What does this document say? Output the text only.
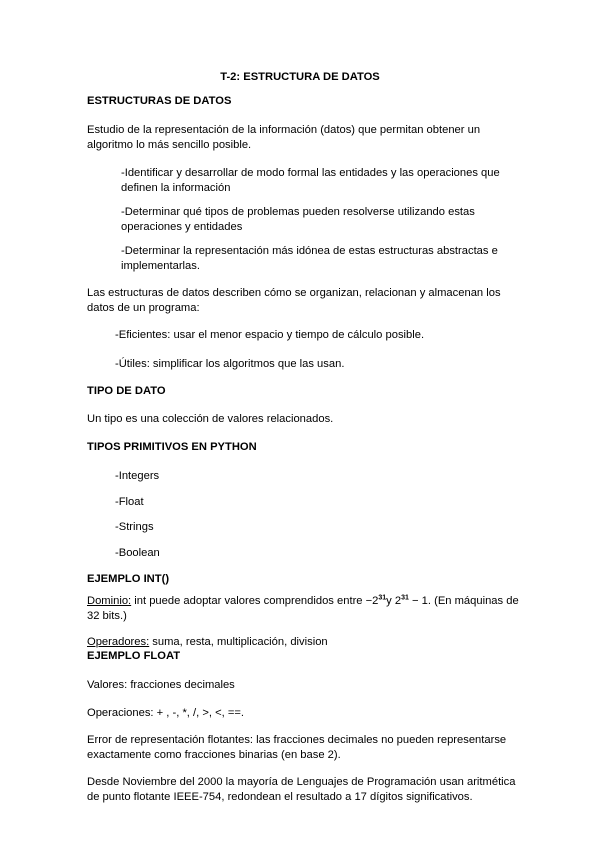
T-2: ESTRUCTURA DE DATOS

ESTRUCTURAS DE DATOS

Estudio de la representación de la información (datos) que permitan obtener un algoritmo lo más sencillo posible.

-Identificar y desarrollar de modo formal las entidades y las operaciones que definen la información

-Determinar qué tipos de problemas pueden resolverse utilizando estas operaciones y entidades

-Determinar la representación más idónea de estas estructuras abstractas e implementarlas.

Las estructuras de datos describen cómo se organizan, relacionan y almacenan los datos de un programa:

-Eficientes: usar el menor espacio y tiempo de cálculo posible.

-Útiles: simplificar los algoritmos que las usan.

TIPO DE DATO

Un tipo es una colección de valores relacionados.

TIPOS PRIMITIVOS EN PYTHON

-Integers

-Float

-Strings

-Boolean

EJEMPLO INT()

Dominio: int puede adoptar valores comprendidos entre $-2^{31}y$ $2^{31} - 1$. (En máquinas de 32 bits.)

Operadores: suma, resta, multiplicación, division

EJEMPLO FLOAT

Valores: fracciones decimales

Operaciones: + , -, *, /, >, <, ==.

Error de representación flotantes: las fracciones decimales no pueden representarse exactamente como fracciones binarias (en base 2).

Desde Noviembre del 2000 la mayoría de Lenguajes de Programación usan aritmética de punto flotante IEEE-754, redondean el resultado a 17 dígitos significativos.
